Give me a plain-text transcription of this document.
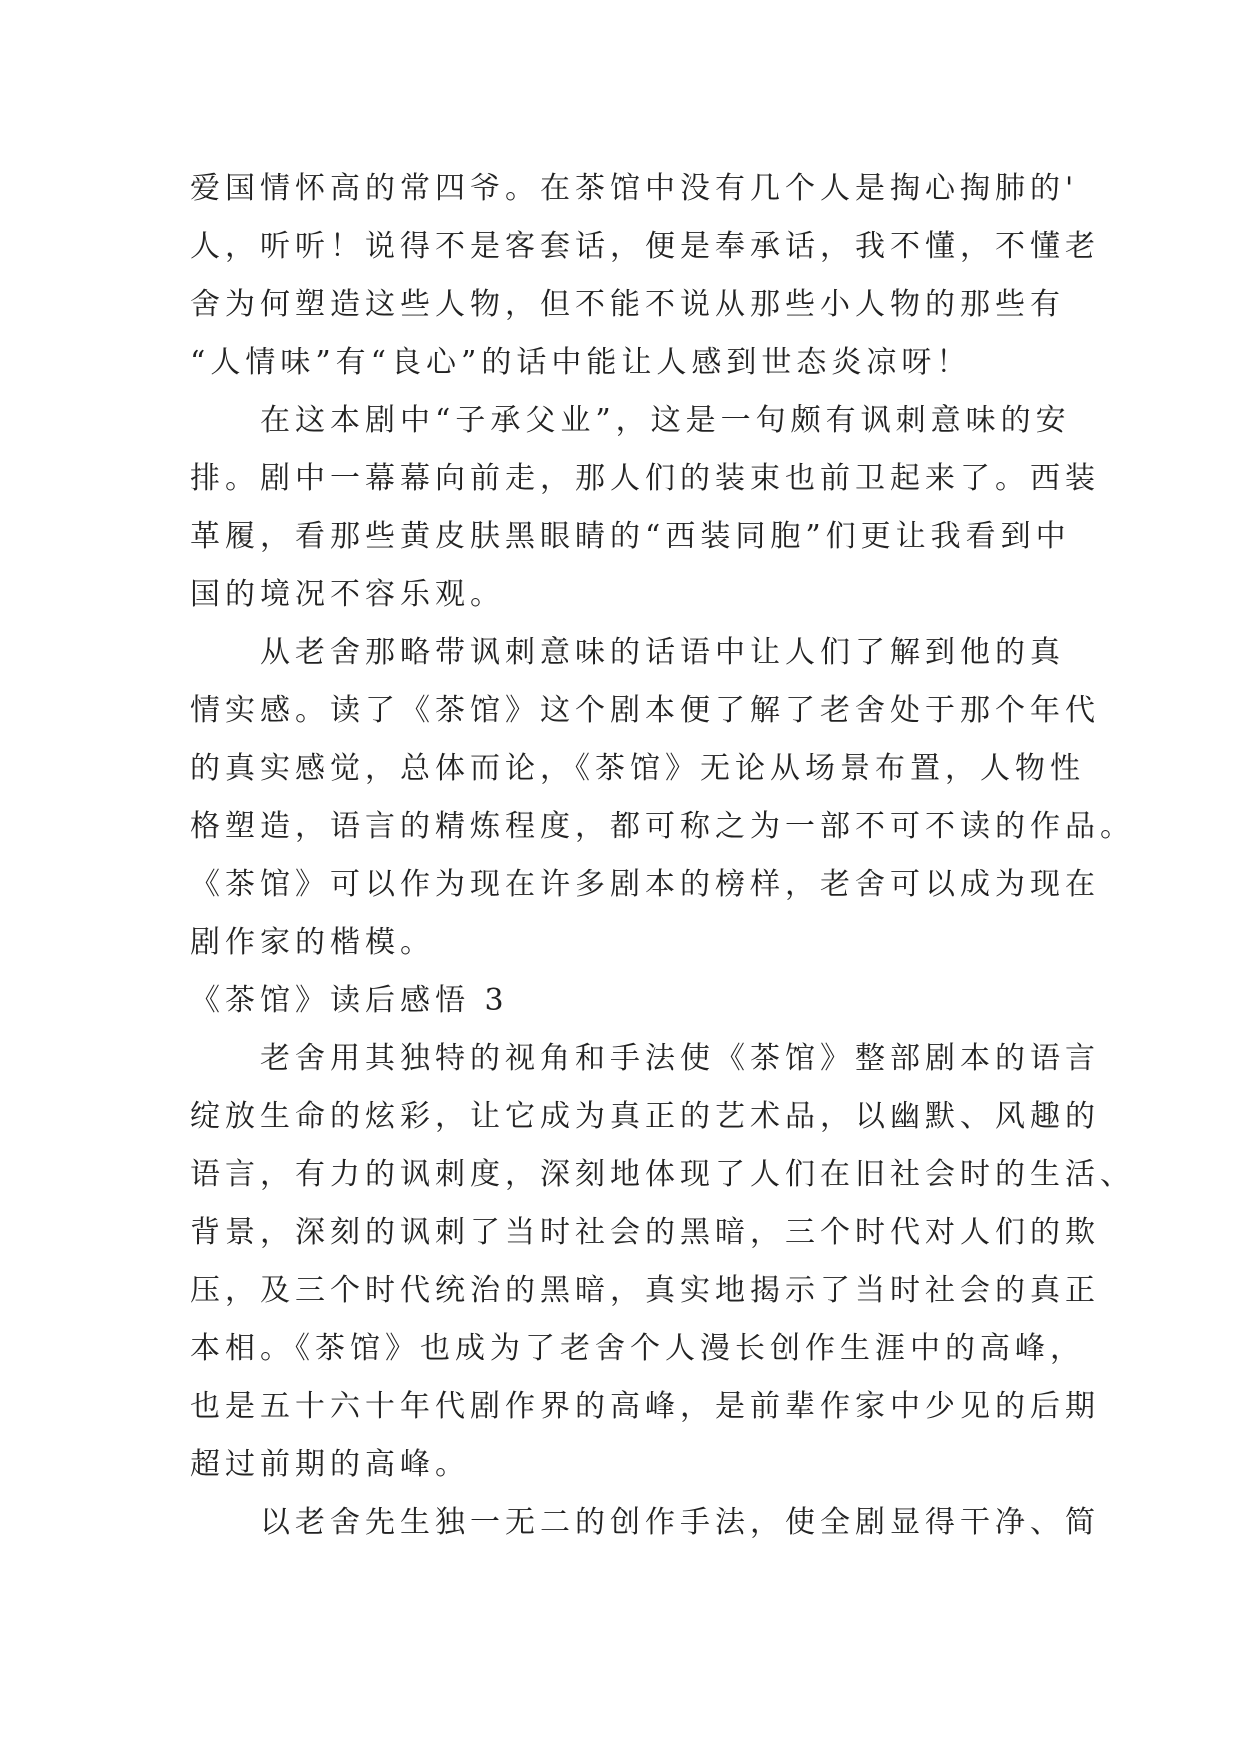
爱国情怀高的常四爷。在茶馆中没有几个人是掏心掏肺的'
人，听听！说得不是客套话，便是奉承话，我不懂，不懂老
舍为何塑造这些人物，但不能不说从那些小人物的那些有
“人情味”有“良心”的话中能让人感到世态炎凉呀！
　　在这本剧中“子承父业”，这是一句颇有讽刺意味的安
排。剧中一幕幕向前走，那人们的装束也前卫起来了。西装
革履，看那些黄皮肤黑眼睛的“西装同胞”们更让我看到中
国的境况不容乐观。
　　从老舍那略带讽刺意味的话语中让人们了解到他的真
情实感。读了《茶馆》这个剧本便了解了老舍处于那个年代
的真实感觉，总体而论，《茶馆》无论从场景布置，人物性
格塑造，语言的精炼程度，都可称之为一部不可不读的作品。
《茶馆》可以作为现在许多剧本的榜样，老舍可以成为现在
剧作家的楷模。
《茶馆》读后感悟 3
　　老舍用其独特的视角和手法使《茶馆》整部剧本的语言
绽放生命的炫彩，让它成为真正的艺术品，以幽默、风趣的
语言，有力的讽刺度，深刻地体现了人们在旧社会时的生活、
背景，深刻的讽刺了当时社会的黑暗，三个时代对人们的欺
压，及三个时代统治的黑暗，真实地揭示了当时社会的真正
本相。《茶馆》也成为了老舍个人漫长创作生涯中的高峰，
也是五十六十年代剧作界的高峰，是前辈作家中少见的后期
超过前期的高峰。
　　以老舍先生独一无二的创作手法，使全剧显得干净、简
